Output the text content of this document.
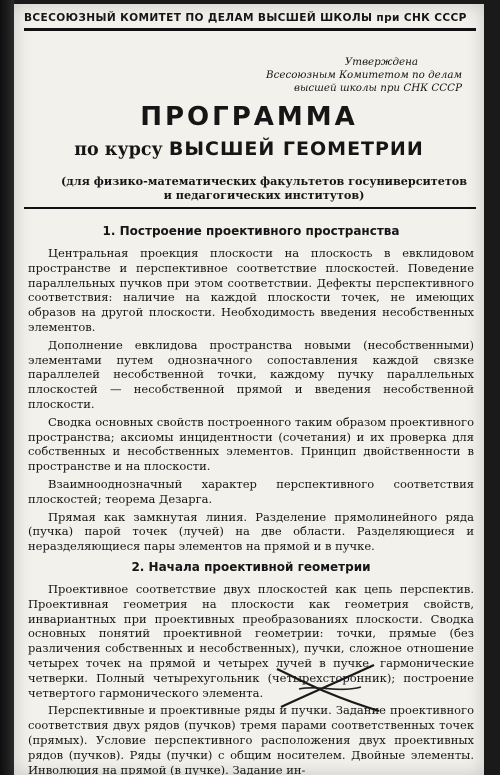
ВСЕСОЮЗНЫЙ КОМИТЕТ ПО ДЕЛАМ ВЫСШЕЙ ШКОЛЫ при СНК СССР
Утверждена
Всесоюзным Комитетом по делам
высшей школы при СНК СССР
ПРОГРАММА
по курсу ВЫСШЕЙ ГЕОМЕТРИИ
(для физико-математических факультетов госуниверситетов
и педагогических институтов)
1. Построение проективного пространства

Центральная проекция плоскости на плоскость в евклидовом пространстве и перспективное соответствие плоскостей. Поведение параллельных пучков при этом соответствии. Дефекты перспективного соответствия: наличие на каждой плоскости точек, не имеющих образов на другой плоскости. Необходимость введения несобственных элементов.

Дополнение евклидова пространства новыми (несобственными) элементами путем однозначного сопоставления каждой связке параллелей несобственной точки, каждому пучку параллельных плоскостей — несобственной прямой и введения несобственной плоскости.

Сводка основных свойств построенного таким образом проективного пространства; аксиомы инцидентности (сочетания) и их проверка для собственных и несобственных элементов. Принцип двойственности в пространстве и на плоскости.

Взаимнооднозначный характер перспективного соответствия плоскостей; теорема Дезарга.

Прямая как замкнутая линия. Разделение прямолинейного ряда (пучка) парой точек (лучей) на две области. Разделяющиеся и неразделяющиеся пары элементов на прямой и в пучке.

2. Начала проективной геометрии

Проективное соответствие двух плоскостей как цепь перспектив. Проективная геометрия на плоскости как геометрия свойств, инвариантных при проективных преобразованиях плоскости. Сводка основных понятий проективной геометрии: точки, прямые (без различения собственных и несобственных), пучки, сложное отношение четырех точек на прямой и четырех лучей в пучке, гармонические четверки. Полный четырехугольник (четырехсторонник); построение четвертого гармонического элемента.

Перспективные и проективные ряды и пучки. Задание проективного соответствия двух рядов (пучков) тремя парами соответственных точек (прямых). Условие перспективного расположения двух проективных рядов (пучков). Ряды (пучки) с общим носителем. Двойные элементы. Инволюция на прямой (в пучке). Задание ин-
